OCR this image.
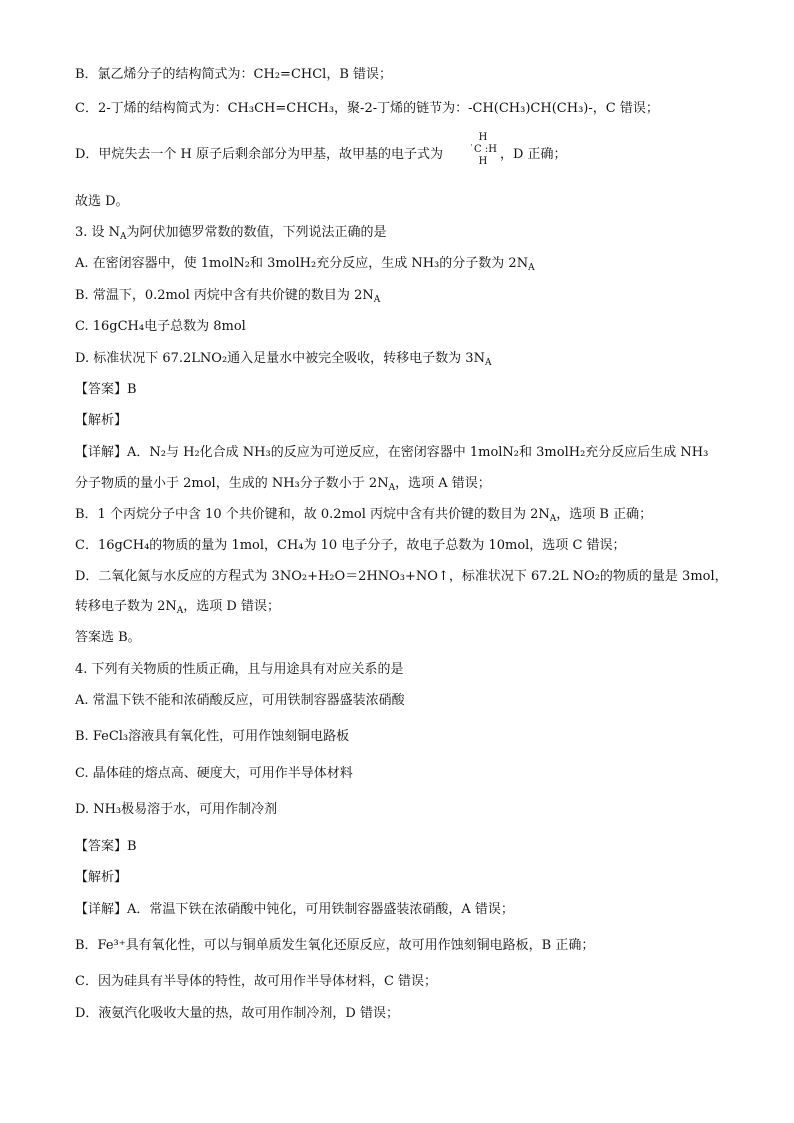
B．氯乙烯分子的结构简式为：CH₂=CHCl，B 错误；
C．2-丁烯的结构简式为：CH₃CH=CHCH₃，聚-2-丁烯的链节为：-CH(CH₃)CH(CH₃)-，C 错误；
D．甲烷失去一个 H 原子后剩余部分为甲基，故甲基的电子式为
H
˙C :H
H ，D 正确；
故选 D。
3. 设 $N_A$为阿伏加德罗常数的数值，下列说法正确的是
A. 在密闭容器中，使 1molN₂和 3molH₂充分反应，生成 NH₃的分子数为 $2N_A$
B. 常温下，0.2mol 丙烷中含有共价键的数目为 $2N_A$
C. 16gCH₄电子总数为 8mol
D. 标准状况下 67.2LNO₂通入足量水中被完全吸收，转移电子数为 $3N_A$
【答案】B
【解析】
【详解】A．N₂与 H₂化合成 NH₃的反应为可逆反应，在密闭容器中 1molN₂和 3molH₂充分反应后生成 NH₃
分子物质的量小于 2mol，生成的 NH₃分子数小于 $2N_A$，选项 A 错误；
B．1 个丙烷分子中含 10 个共价键和，故 0.2mol 丙烷中含有共价键的数目为 $2N_A$，选项 B 正确；
C．16gCH₄的物质的量为 1mol，CH₄为 10 电子分子，故电子总数为 10mol，选项 C 错误；
D．二氧化氮与水反应的方程式为 3NO₂+H₂O＝2HNO₃+NO↑，标准状况下 67.2L NO₂的物质的量是 3mol，
转移电子数为 $2N_A$，选项 D 错误；
答案选 B。
4. 下列有关物质的性质正确，且与用途具有对应关系的是
A. 常温下铁不能和浓硝酸反应，可用铁制容器盛装浓硝酸
B. FeCl₃溶液具有氧化性，可用作蚀刻铜电路板
C. 晶体硅的熔点高、硬度大，可用作半导体材料
D. NH₃极易溶于水，可用作制冷剂
【答案】B
【解析】
【详解】A．常温下铁在浓硝酸中钝化，可用铁制容器盛装浓硝酸，A 错误；
B．Fe³⁺具有氧化性，可以与铜单质发生氧化还原反应，故可用作蚀刻铜电路板，B 正确；
C．因为硅具有半导体的特性，故可用作半导体材料，C 错误；
D．液氨汽化吸收大量的热，故可用作制冷剂，D 错误；
